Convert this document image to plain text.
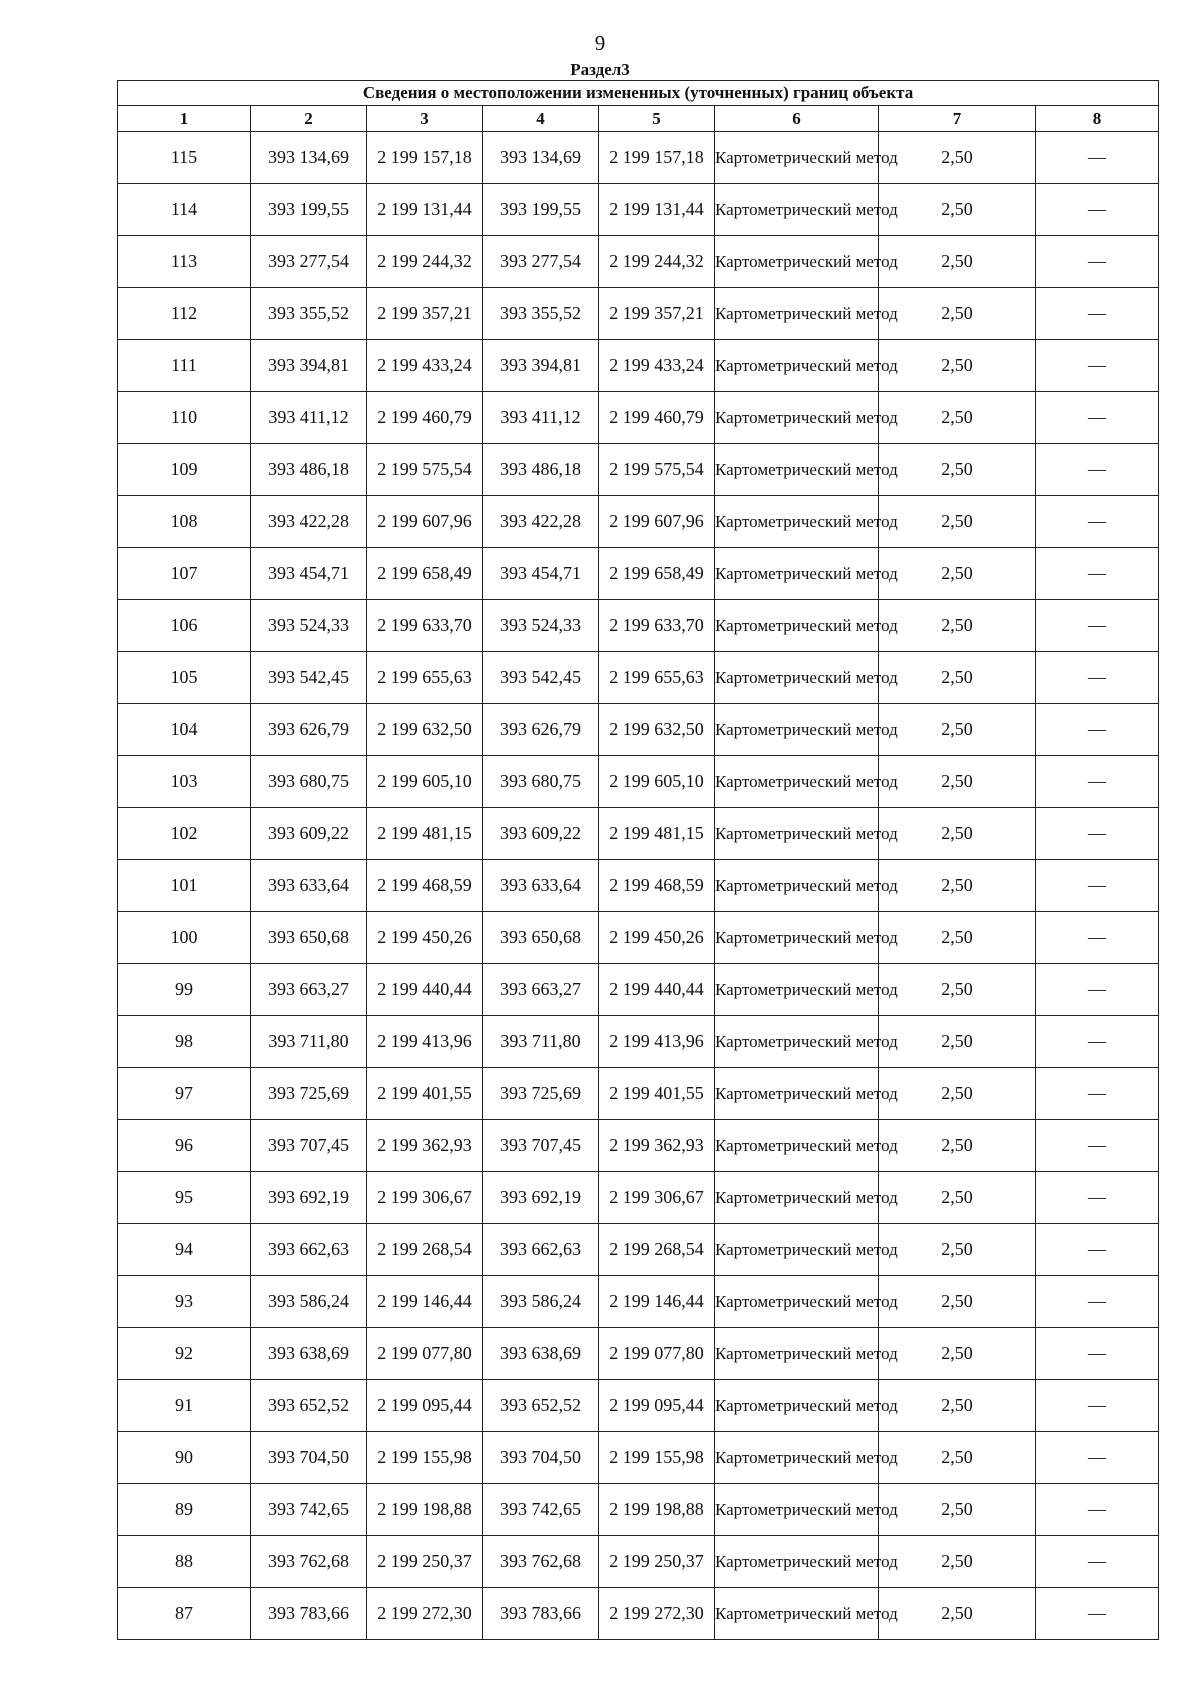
9
Раздел3
Сведения о местоположении измененных (уточненных) границ объекта							
1	2	3	4	5	6	7	8
115	393 134,69	2 199 157,18	393 134,69	2 199 157,18	Картометрический метод	2,50	—
114	393 199,55	2 199 131,44	393 199,55	2 199 131,44	Картометрический метод	2,50	—
113	393 277,54	2 199 244,32	393 277,54	2 199 244,32	Картометрический метод	2,50	—
112	393 355,52	2 199 357,21	393 355,52	2 199 357,21	Картометрический метод	2,50	—
111	393 394,81	2 199 433,24	393 394,81	2 199 433,24	Картометрический метод	2,50	—
110	393 411,12	2 199 460,79	393 411,12	2 199 460,79	Картометрический метод	2,50	—
109	393 486,18	2 199 575,54	393 486,18	2 199 575,54	Картометрический метод	2,50	—
108	393 422,28	2 199 607,96	393 422,28	2 199 607,96	Картометрический метод	2,50	—
107	393 454,71	2 199 658,49	393 454,71	2 199 658,49	Картометрический метод	2,50	—
106	393 524,33	2 199 633,70	393 524,33	2 199 633,70	Картометрический метод	2,50	—
105	393 542,45	2 199 655,63	393 542,45	2 199 655,63	Картометрический метод	2,50	—
104	393 626,79	2 199 632,50	393 626,79	2 199 632,50	Картометрический метод	2,50	—
103	393 680,75	2 199 605,10	393 680,75	2 199 605,10	Картометрический метод	2,50	—
102	393 609,22	2 199 481,15	393 609,22	2 199 481,15	Картометрический метод	2,50	—
101	393 633,64	2 199 468,59	393 633,64	2 199 468,59	Картометрический метод	2,50	—
100	393 650,68	2 199 450,26	393 650,68	2 199 450,26	Картометрический метод	2,50	—
99	393 663,27	2 199 440,44	393 663,27	2 199 440,44	Картометрический метод	2,50	—
98	393 711,80	2 199 413,96	393 711,80	2 199 413,96	Картометрический метод	2,50	—
97	393 725,69	2 199 401,55	393 725,69	2 199 401,55	Картометрический метод	2,50	—
96	393 707,45	2 199 362,93	393 707,45	2 199 362,93	Картометрический метод	2,50	—
95	393 692,19	2 199 306,67	393 692,19	2 199 306,67	Картометрический метод	2,50	—
94	393 662,63	2 199 268,54	393 662,63	2 199 268,54	Картометрический метод	2,50	—
93	393 586,24	2 199 146,44	393 586,24	2 199 146,44	Картометрический метод	2,50	—
92	393 638,69	2 199 077,80	393 638,69	2 199 077,80	Картометрический метод	2,50	—
91	393 652,52	2 199 095,44	393 652,52	2 199 095,44	Картометрический метод	2,50	—
90	393 704,50	2 199 155,98	393 704,50	2 199 155,98	Картометрический метод	2,50	—
89	393 742,65	2 199 198,88	393 742,65	2 199 198,88	Картометрический метод	2,50	—
88	393 762,68	2 199 250,37	393 762,68	2 199 250,37	Картометрический метод	2,50	—
87	393 783,66	2 199 272,30	393 783,66	2 199 272,30	Картометрический метод	2,50	—
